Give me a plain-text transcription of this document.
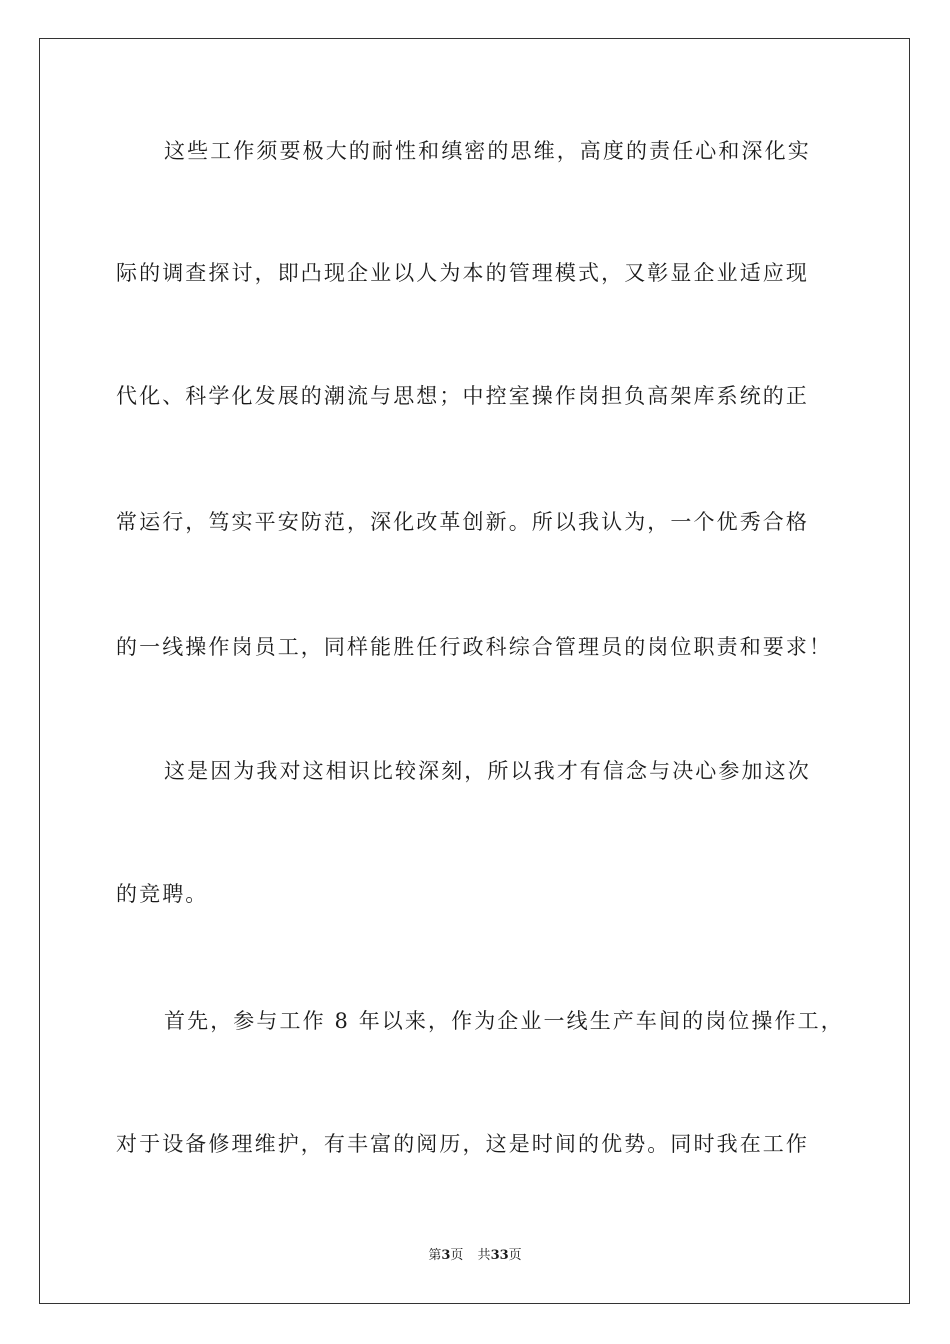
这些工作须要极大的耐性和缜密的思维，高度的责任心和深化实
际的调查探讨，即凸现企业以人为本的管理模式，又彰显企业适应现
代化、科学化发展的潮流与思想；中控室操作岗担负高架库系统的正
常运行，笃实平安防范，深化改革创新。所以我认为，一个优秀合格
的一线操作岗员工，同样能胜任行政科综合管理员的岗位职责和要求！
这是因为我对这相识比较深刻，所以我才有信念与决心参加这次
的竞聘。
首先，参与工作 8 年以来，作为企业一线生产车间的岗位操作工，
对于设备修理维护，有丰富的阅历，这是时间的优势。同时我在工作
第3页 共33页
